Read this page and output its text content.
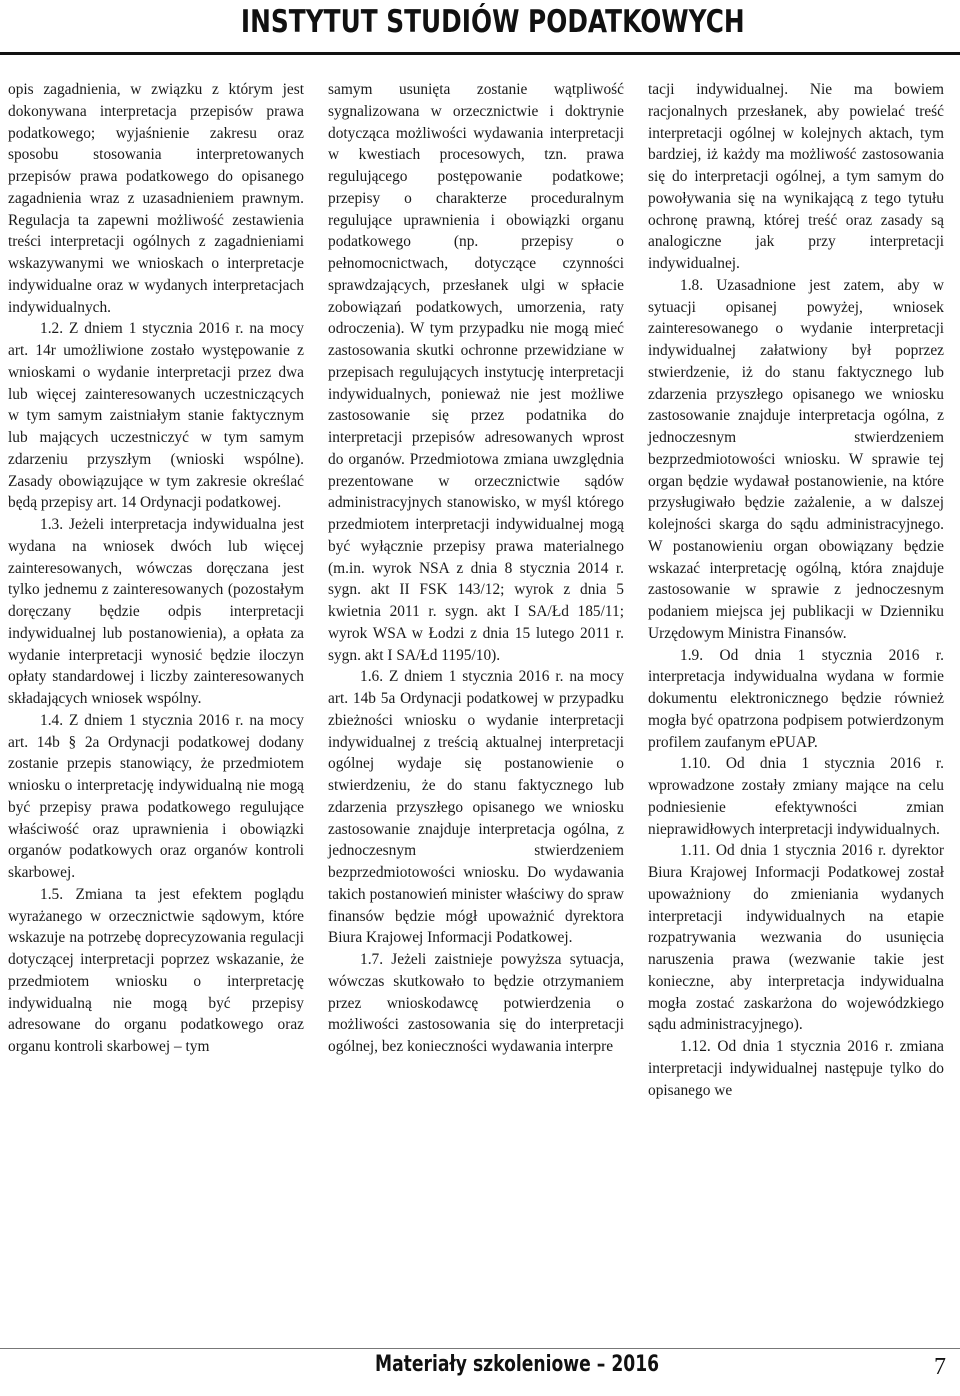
INSTYTUT STUDIÓW PODATKOWYCH

opis zagadnienia, w związku z którym jest dokonywana interpretacja przepisów prawa podatkowego; wyjaśnienie zakresu oraz sposobu stosowania interpretowanych przepisów prawa podatkowego do opisanego zagadnienia wraz z uzasadnieniem prawnym. Regulacja ta zapewni możliwość zestawienia treści interpretacji ogólnych z zagadnieniami wskazywanymi we wnioskach o interpretacje indywidualne oraz w wydanych interpretacjach indywidualnych.

1.2. Z dniem 1 stycznia 2016 r. na mocy art. 14r umożliwione zostało występowanie z wnioskami o wydanie interpretacji przez dwa lub więcej zainteresowanych uczestniczących w tym samym zaistniałym stanie faktycznym lub mających uczestniczyć w tym samym zdarzeniu przyszłym (wnioski wspólne). Zasady obowiązujące w tym zakresie określać będą przepisy art. 14 Ordynacji podatkowej.

1.3. Jeżeli interpretacja indywidualna jest wydana na wniosek dwóch lub więcej zainteresowanych, wówczas doręczana jest tylko jednemu z zainteresowanych (pozostałym doręczany będzie odpis interpretacji indywidualnej lub postanowienia), a opłata za wydanie interpretacji wynosić będzie iloczyn opłaty standardowej i liczby zainteresowanych składających wniosek wspólny.

1.4. Z dniem 1 stycznia 2016 r. na mocy art. 14b § 2a Ordynacji podatkowej dodany zostanie przepis stanowiący, że przedmiotem wniosku o interpretację indywidualną nie mogą być przepisy prawa podatkowego regulujące właściwość oraz uprawnienia i obowiązki organów podatkowych oraz organów kontroli skarbowej.

1.5. Zmiana ta jest efektem poglądu wyrażanego w orzecznictwie sądowym, które wskazuje na potrzebę doprecyzowania regulacji dotyczącej interpretacji poprzez wskazanie, że przedmiotem wniosku o interpretację indywidualną nie mogą być przepisy adresowane do organu podatkowego oraz organu kontroli skarbowej – tym

samym usunięta zostanie wątpliwość sygnalizowana w orzecznictwie i doktrynie dotycząca możliwości wydawania interpretacji w kwestiach procesowych, tzn. prawa regulującego postępowanie podatkowe; przepisy o charakterze proceduralnym regulujące uprawnienia i obowiązki organu podatkowego (np. przepisy o pełnomocnictwach, dotyczące czynności sprawdzających, przesłanek ulgi w spłacie zobowiązań podatkowych, umorzenia, raty odroczenia). W tym przypadku nie mogą mieć zastosowania skutki ochronne przewidziane w przepisach regulujących instytucję interpretacji indywidualnych, ponieważ nie jest możliwe zastosowanie się przez podatnika do interpretacji przepisów adresowanych wprost do organów. Przedmiotowa zmiana uwzględnia prezentowane w orzecznictwie sądów administracyjnych stanowisko, w myśl którego przedmiotem interpretacji indywidualnej mogą być wyłącznie przepisy prawa materialnego (m.in. wyrok NSA z dnia 8 stycznia 2014 r. sygn. akt II FSK 143/12; wyrok z dnia 5 kwietnia 2011 r. sygn. akt I SA/Łd 185/11; wyrok WSA w Łodzi z dnia 15 lutego 2011 r. sygn. akt I SA/Łd 1195/10).

1.6. Z dniem 1 stycznia 2016 r. na mocy art. 14b 5a Ordynacji podatkowej w przypadku zbieżności wniosku o wydanie interpretacji indywidualnej z treścią aktualnej interpretacji ogólnej wydaje się postanowienie o stwierdzeniu, że do stanu faktycznego lub zdarzenia przyszłego opisanego we wniosku zastosowanie znajduje interpretacja ogólna, z jednoczesnym stwierdzeniem bezprzedmiotowości wniosku. Do wydawania takich postanowień minister właściwy do spraw finansów będzie mógł upoważnić dyrektora Biura Krajowej Informacji Podatkowej.

1.7. Jeżeli zaistnieje powyższa sytuacja, wówczas skutkowało to będzie otrzymaniem przez wnioskodawcę potwierdzenia o możliwości zastosowania się do interpretacji ogólnej, bez konieczności wydawania interpre

tacji indywidualnej. Nie ma bowiem racjonalnych przesłanek, aby powielać treść interpretacji ogólnej w kolejnych aktach, tym bardziej, iż każdy ma możliwość zastosowania się do interpretacji ogólnej, a tym samym do powoływania się na wynikającą z tego tytułu ochronę prawną, której treść oraz zasady są analogiczne jak przy interpretacji indywidualnej.

1.8. Uzasadnione jest zatem, aby w sytuacji opisanej powyżej, wniosek zainteresowanego o wydanie interpretacji indywidualnej załatwiony był poprzez stwierdzenie, iż do stanu faktycznego lub zdarzenia przyszłego opisanego we wniosku zastosowanie znajduje interpretacja ogólna, z jednoczesnym stwierdzeniem bezprzedmiotowości wniosku. W sprawie tej organ będzie wydawał postanowienie, na które przysługiwało będzie zażalenie, a w dalszej kolejności skarga do sądu administracyjnego. W postanowieniu organ obowiązany będzie wskazać interpretację ogólną, która znajduje zastosowanie w sprawie z jednoczesnym podaniem miejsca jej publikacji w Dzienniku Urzędowym Ministra Finansów.

1.9. Od dnia 1 stycznia 2016 r. interpretacja indywidualna wydana w formie dokumentu elektronicznego będzie również mogła być opatrzona podpisem potwierdzonym profilem zaufanym ePUAP.

1.10. Od dnia 1 stycznia 2016 r. wprowadzone zostały zmiany mające na celu podniesienie efektywności zmian nieprawidłowych interpretacji indywidualnych.

1.11. Od dnia 1 stycznia 2016 r. dyrektor Biura Krajowej Informacji Podatkowej został upoważniony do zmieniania wydanych interpretacji indywidualnych na etapie rozpatrywania wezwania do usunięcia naruszenia prawa (wezwanie takie jest konieczne, aby interpretacja indywidualna mogła zostać zaskarżona do wojewódzkiego sądu administracyjnego).

1.12. Od dnia 1 stycznia 2016 r. zmiana interpretacji indywidualnej następuje tylko do opisanego we

Materiały szkoleniowe – 2016	7
